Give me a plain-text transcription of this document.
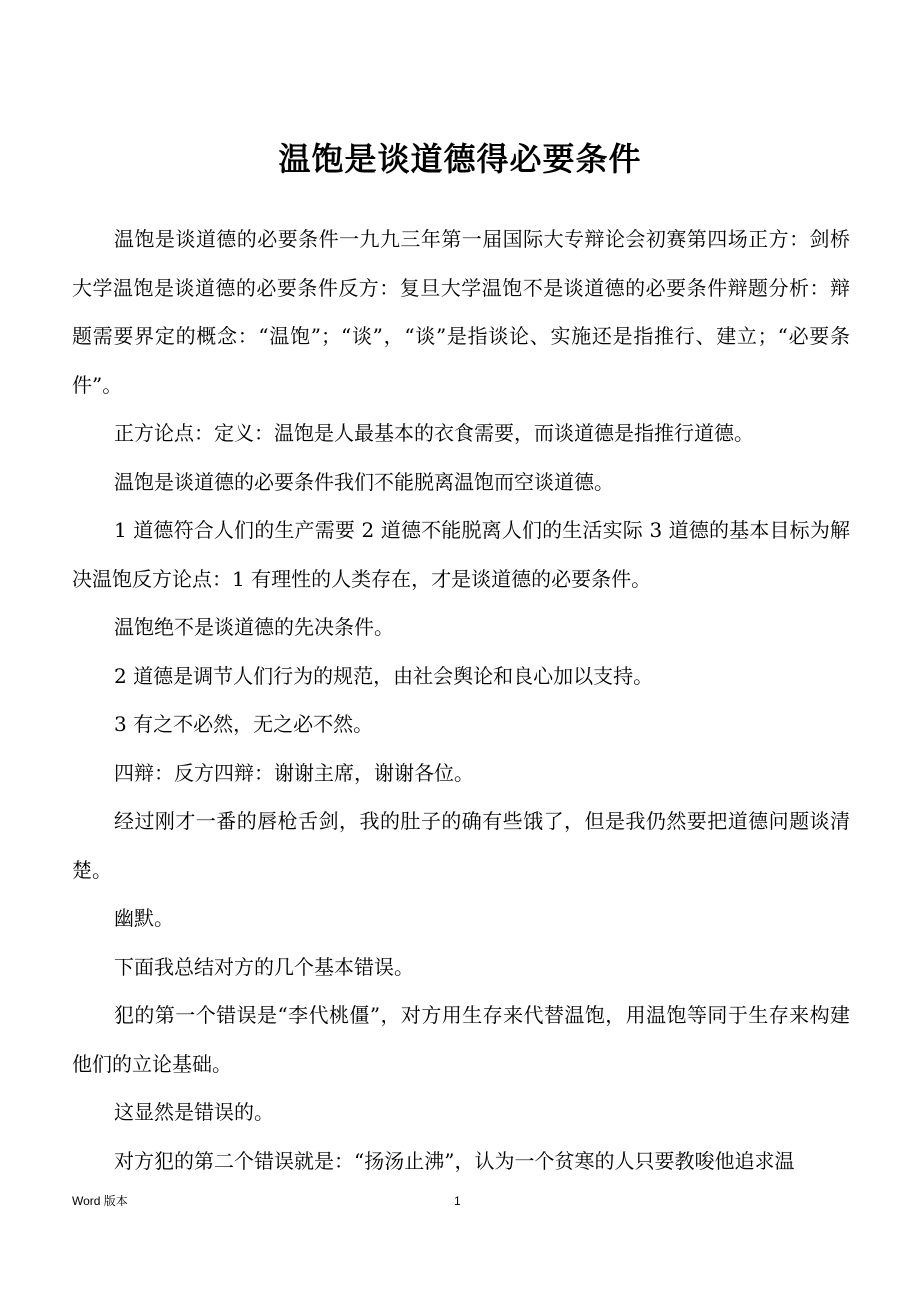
温饱是谈道德得必要条件

温饱是谈道德的必要条件一九九三年第一届国际大专辩论会初赛第四场正方：剑桥大学温饱是谈道德的必要条件反方：复旦大学温饱不是谈道德的必要条件辩题分析：辩题需要界定的概念：“温饱”；“谈”，“谈”是指谈论、实施还是指推行、建立；“必要条件”。

正方论点：定义：温饱是人最基本的衣食需要，而谈道德是指推行道德。

温饱是谈道德的必要条件我们不能脱离温饱而空谈道德。

1 道德符合人们的生产需要 2 道德不能脱离人们的生活实际 3 道德的基本目标为解决温饱反方论点：1 有理性的人类存在，才是谈道德的必要条件。

温饱绝不是谈道德的先决条件。

2 道德是调节人们行为的规范，由社会舆论和良心加以支持。

3 有之不必然，无之必不然。

四辩：反方四辩：谢谢主席，谢谢各位。

经过刚才一番的唇枪舌剑，我的肚子的确有些饿了，但是我仍然要把道德问题谈清楚。

幽默。

下面我总结对方的几个基本错误。

犯的第一个错误是“李代桃僵”，对方用生存来代替温饱，用温饱等同于生存来构建他们的立论基础。

这显然是错误的。

对方犯的第二个错误就是：“扬汤止沸”，认为一个贫寒的人只要教唆他追求温

Word 版本	1
